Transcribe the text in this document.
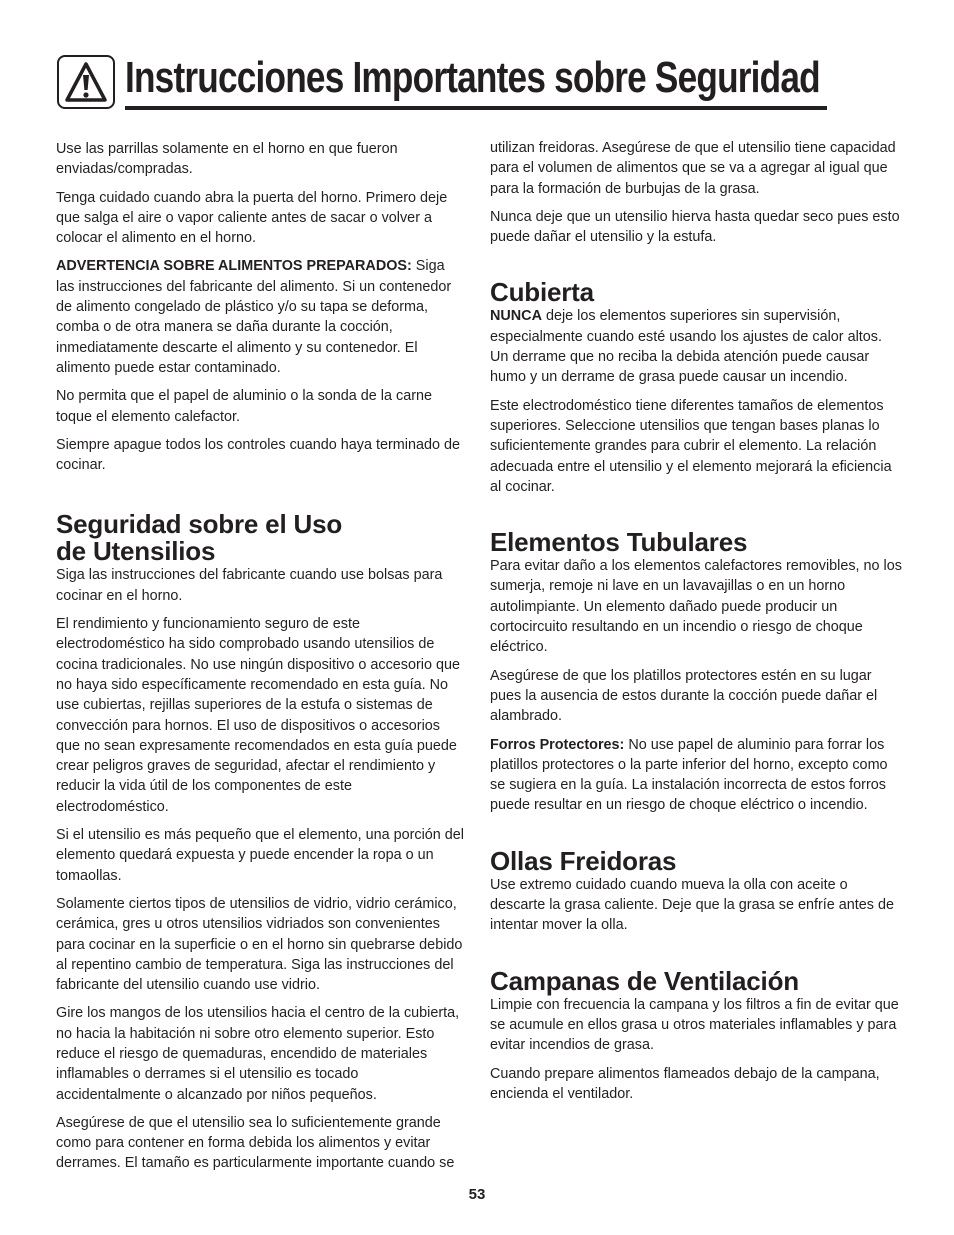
Instrucciones Importantes sobre Seguridad

Use las parrillas solamente en el horno en que fueron enviadas/compradas.

Tenga cuidado cuando abra la puerta del horno. Primero deje que salga el aire o vapor caliente antes de sacar o volver a colocar el alimento en el horno.

ADVERTENCIA SOBRE ALIMENTOS PREPARADOS: Siga las instrucciones del fabricante del alimento. Si un contenedor de alimento congelado de plástico y/o su tapa se deforma, comba o de otra manera se daña durante la cocción, inmediatamente descarte el alimento y su contenedor. El alimento puede estar contaminado.

No permita que el papel de aluminio o la sonda de la carne toque el elemento calefactor.

Siempre apague todos los controles cuando haya terminado de cocinar.

Seguridad sobre el Uso
de Utensilios

Siga las instrucciones del fabricante cuando use bolsas para cocinar en el horno.

El rendimiento y funcionamiento seguro de este electrodoméstico ha sido comprobado usando utensilios de cocina tradicionales. No use ningún dispositivo o accesorio que no haya sido específicamente recomendado en esta guía. No use cubiertas, rejillas superiores de la estufa o sistemas de convección para hornos. El uso de dispositivos o accesorios que no sean expresamente recomendados en esta guía puede crear peligros graves de seguridad, afectar el rendimiento y reducir la vida útil de los componentes de este electrodoméstico.

Si el utensilio es más pequeño que el elemento, una porción del elemento quedará expuesta y puede encender la ropa o un tomaollas.

Solamente ciertos tipos de utensilios de vidrio, vidrio cerámico, cerámica, gres u otros utensilios vidriados son convenientes para cocinar en la superficie o en el horno sin quebrarse debido al repentino cambio de temperatura. Siga las instrucciones del fabricante del utensilio cuando use vidrio.

Gire los mangos de los utensilios hacia el centro de la cubierta, no hacia la habitación ni sobre otro elemento superior. Esto reduce el riesgo de quemaduras, encendido de materiales inflamables o derrames si el utensilio es tocado accidentalmente o alcanzado por niños pequeños.

Asegúrese de que el utensilio sea lo suficientemente grande como para contener en forma debida los alimentos y evitar derrames. El tamaño es particularmente importante cuando se

utilizan freidoras. Asegúrese de que el utensilio tiene capacidad para el volumen de alimentos que se va a agregar al igual que para la formación de burbujas de la grasa.

Nunca deje que un utensilio hierva hasta quedar seco pues esto puede dañar el utensilio y la estufa.

Cubierta

NUNCA deje los elementos superiores sin supervisión, especialmente cuando esté usando los ajustes de calor altos. Un derrame que no reciba la debida atención puede causar humo y un derrame de grasa puede causar un incendio.

Este electrodoméstico tiene diferentes tamaños de elementos superiores. Seleccione utensilios que tengan bases planas lo suficientemente grandes para cubrir el elemento. La relación adecuada entre el utensilio y el elemento mejorará la eficiencia al cocinar.

Elementos Tubulares

Para evitar daño a los elementos calefactores removibles, no los sumerja, remoje ni lave en un lavavajillas o en un horno autolimpiante. Un elemento dañado puede producir un cortocircuito resultando en un incendio o riesgo de choque eléctrico.

Asegúrese de que los platillos protectores estén en su lugar pues la ausencia de estos durante la cocción puede dañar el alambrado.

Forros Protectores: No use papel de aluminio para forrar los platillos protectores o la parte inferior del horno, excepto como se sugiera en la guía. La instalación incorrecta de estos forros puede resultar en un riesgo de choque eléctrico o incendio.

Ollas Freidoras

Use extremo cuidado cuando mueva la olla con aceite o descarte la grasa caliente. Deje que la grasa se enfríe antes de intentar mover la olla.

Campanas de Ventilación

Limpie con frecuencia la campana y los filtros a fin de evitar que se acumule en ellos grasa u otros materiales inflamables y para evitar incendios de grasa.

Cuando prepare alimentos flameados debajo de la campana, encienda el ventilador.

53
